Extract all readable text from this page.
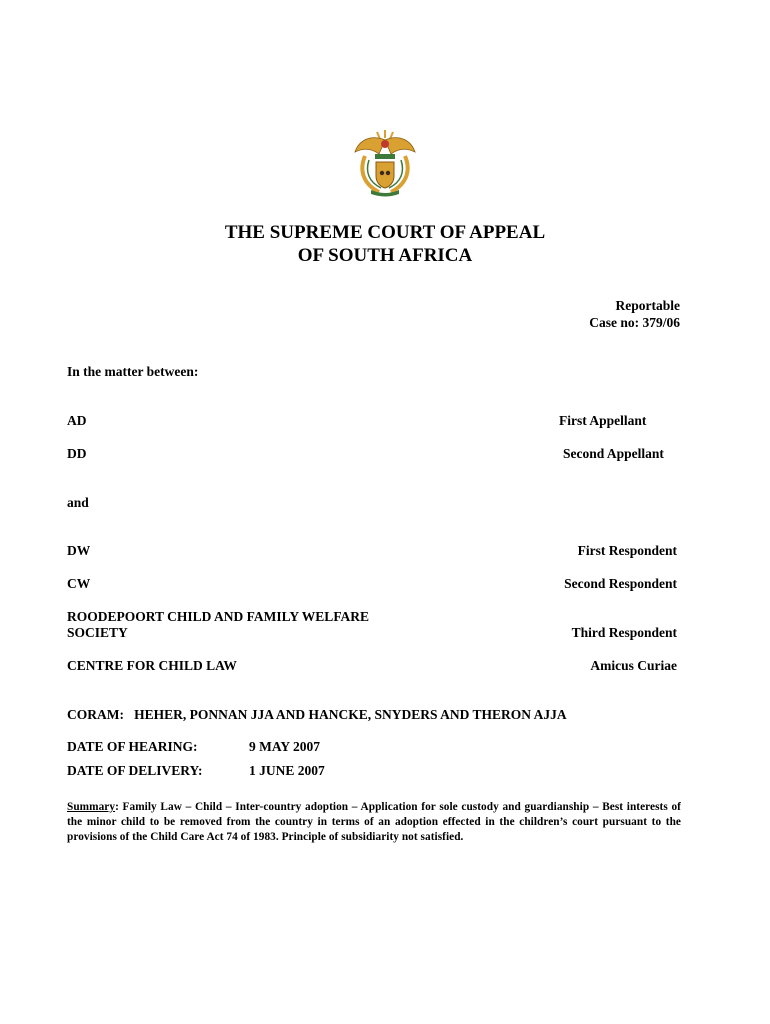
THE SUPREME COURT OF APPEAL
OF SOUTH AFRICA
Reportable
Case no: 379/06
In the matter between:
AD	First Appellant
DD	Second Appellant
and
DW	First Respondent
CW	Second Respondent
ROODEPOORT CHILD AND FAMILY WELFARE
SOCIETY	Third Respondent
CENTRE FOR CHILD LAW	Amicus Curiae
CORAM:   HEHER, PONNAN JJA AND HANCKE, SNYDERS AND THERON AJJA
DATE OF HEARING:	9 MAY 2007
DATE OF DELIVERY:	1 JUNE 2007
Summary: Family Law – Child – Inter-country adoption – Application for sole custody and guardianship – Best interests of the minor child to be removed from the country in terms of an adoption effected in the children’s court pursuant to the provisions of the Child Care Act 74 of 1983. Principle of subsidiarity not satisfied.
